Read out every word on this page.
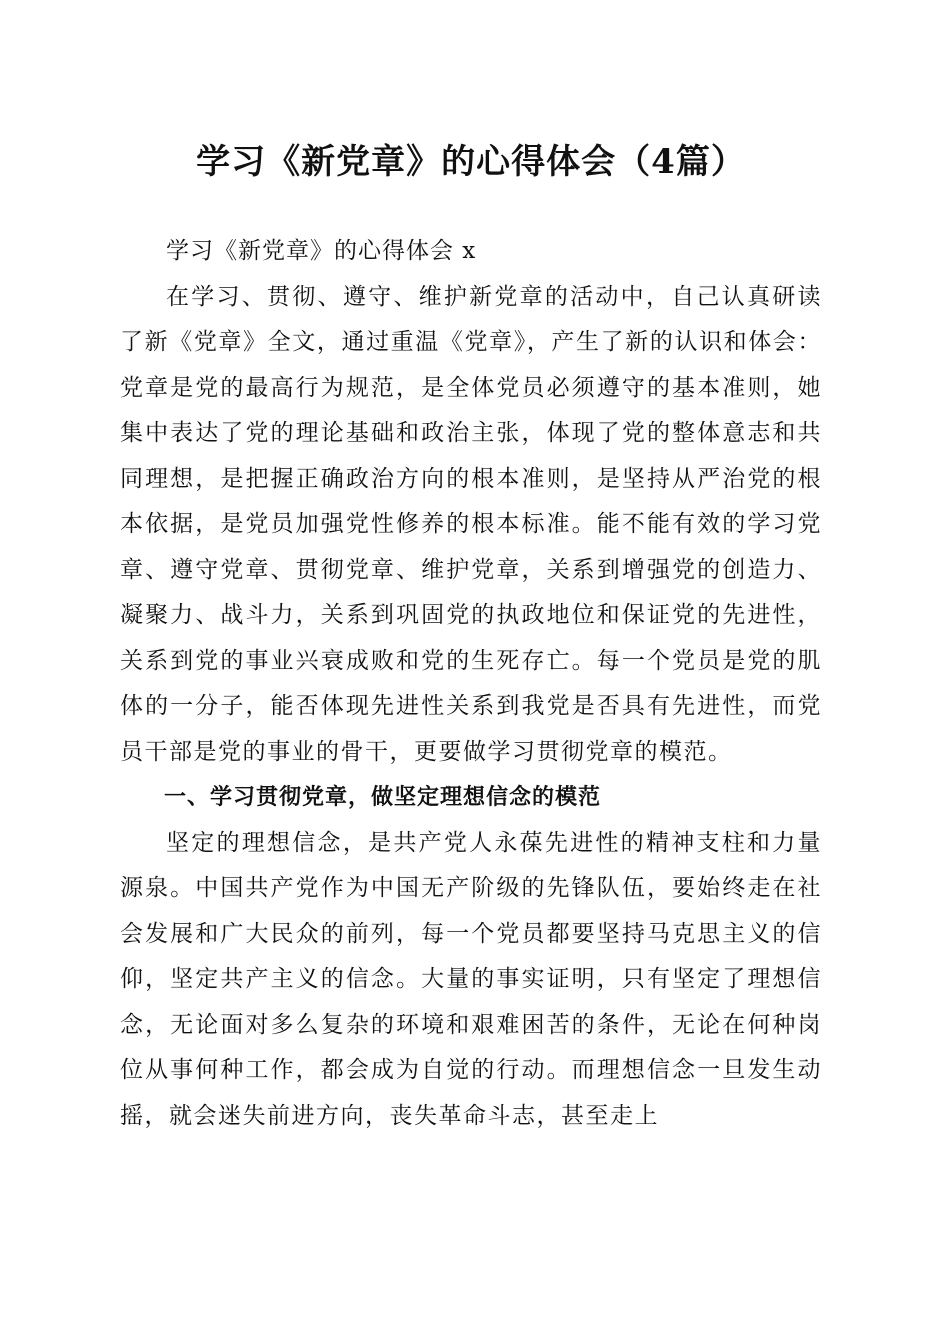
学习《新党章》的心得体会（4篇）

学习《新党章》的心得体会 x

在学习、贯彻、遵守、维护新党章的活动中，自己认真研读了新《党章》全文，通过重温《党章》，产生了新的认识和体会：党章是党的最高行为规范，是全体党员必须遵守的基本准则，她集中表达了党的理论基础和政治主张，体现了党的整体意志和共同理想，是把握正确政治方向的根本准则，是坚持从严治党的根本依据，是党员加强党性修养的根本标准。能不能有效的学习党章、遵守党章、贯彻党章、维护党章，关系到增强党的创造力、凝聚力、战斗力，关系到巩固党的执政地位和保证党的先进性，关系到党的事业兴衰成败和党的生死存亡。每一个党员是党的肌体的一分子，能否体现先进性关系到我党是否具有先进性，而党员干部是党的事业的骨干，更要做学习贯彻党章的模范。

一、学习贯彻党章，做坚定理想信念的模范

坚定的理想信念，是共产党人永葆先进性的精神支柱和力量源泉。中国共产党作为中国无产阶级的先锋队伍，要始终走在社会发展和广大民众的前列，每一个党员都要坚持马克思主义的信仰，坚定共产主义的信念。大量的事实证明，只有坚定了理想信念，无论面对多么复杂的环境和艰难困苦的条件，无论在何种岗位从事何种工作，都会成为自觉的行动。而理想信念一旦发生动摇，就会迷失前进方向，丧失革命斗志，甚至走上
